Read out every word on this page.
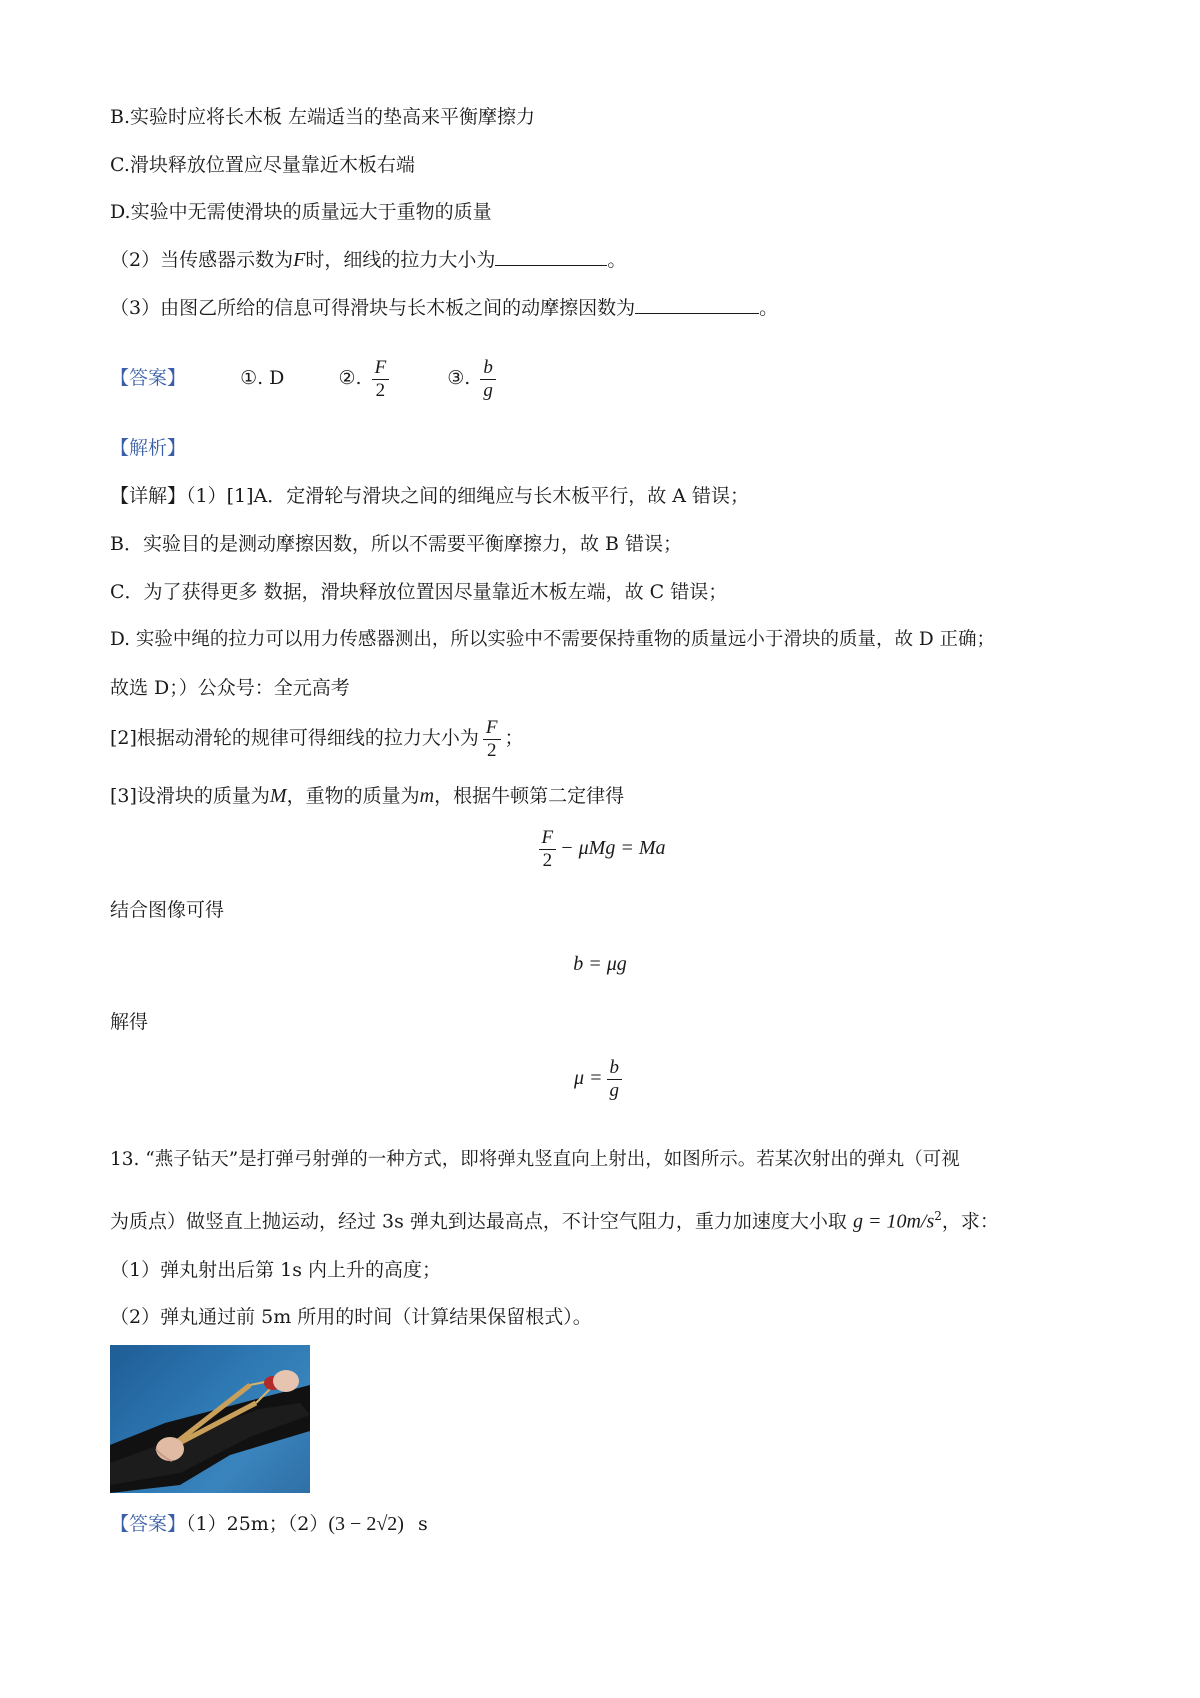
B.实验时应将长木板 左端适当的垫高来平衡摩擦力
C.滑块释放位置应尽量靠近木板右端
D.实验中无需使滑块的质量远大于重物的质量
（2）当传感器示数为F时，细线的拉力大小为	。
（3）由图乙所给的信息可得滑块与长木板之间的动摩擦因数为	。
【答案】	①. D	②. $\frac{F}{2}$	③. $\frac{b}{g}$
【解析】
【详解】（1）[1]A．定滑轮与滑块之间的细绳应与长木板平行，故 A 错误；
B．实验目的是测动摩擦因数，所以不需要平衡摩擦力，故 B 错误；
C．为了获得更多 数据，滑块释放位置因尽量靠近木板左端，故 C 错误；
D. 实验中绳的拉力可以用力传感器测出，所以实验中不需要保持重物的质量远小于滑块的质量，故 D 正确；
故选 D；）公众号：全元高考
[2]根据动滑轮的规律可得细线的拉力大小为 $\frac{F}{2}$ ；
[3]设滑块的质量为M，重物的质量为m，根据牛顿第二定律得
$\frac{F}{2} - \mu Mg = Ma$
结合图像可得
b = μg
解得
$\mu = \frac{b}{g}$
13. “燕子钻天”是打弹弓射弹的一种方式，即将弹丸竖直向上射出，如图所示。若某次射出的弹丸（可视
为质点）做竖直上抛运动，经过 3s 弹丸到达最高点，不计空气阻力，重力加速度大小取 $g = 10m/s^2$，求：
（1）弹丸射出后第 1s 内上升的高度；
（2）弹丸通过前 5m 所用的时间（计算结果保留根式）。
【答案】（1）25m；（2）(3 − 2√2) s
